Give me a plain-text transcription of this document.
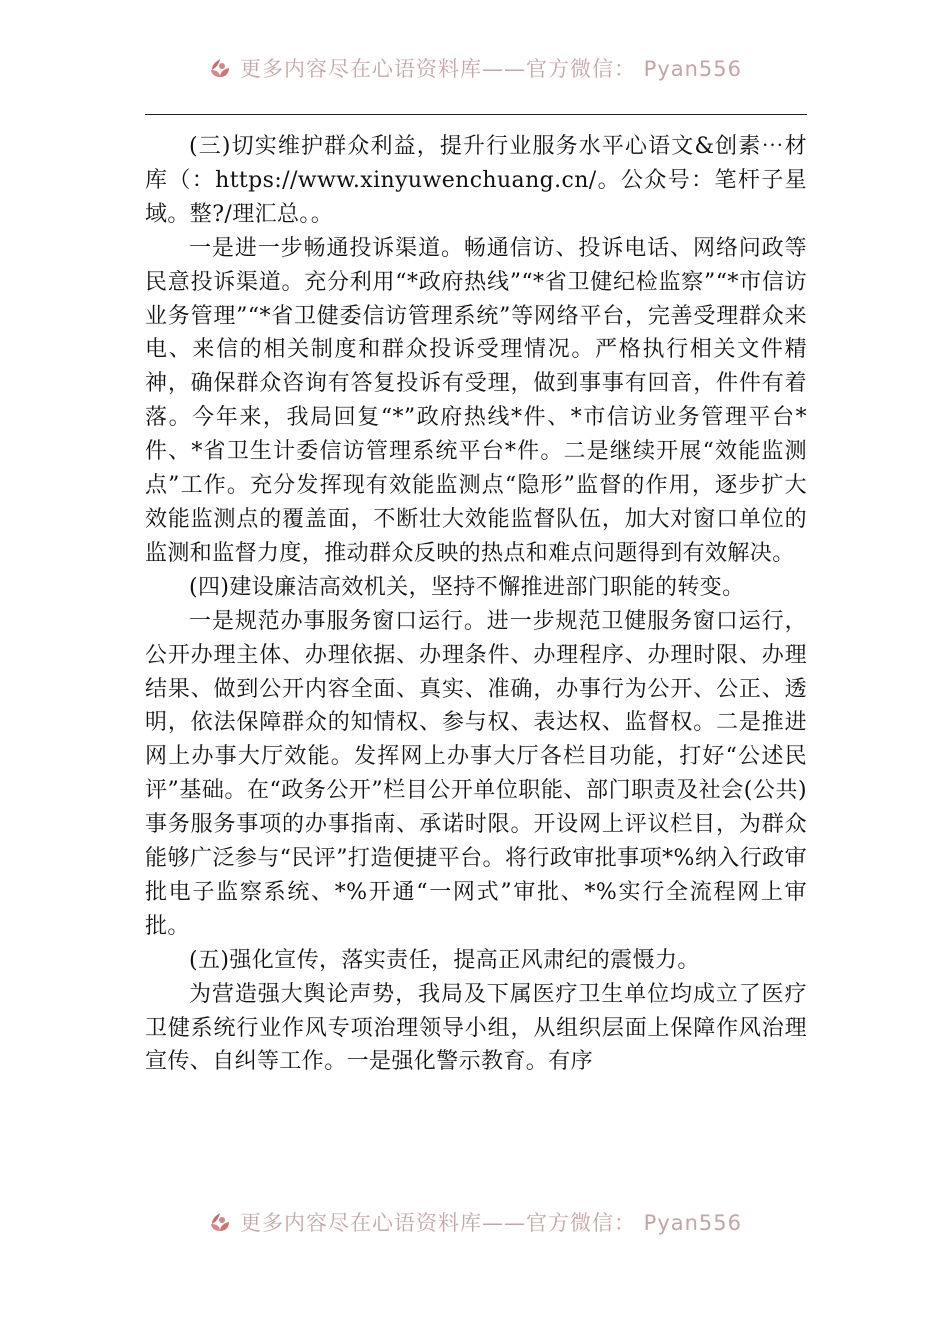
更多内容尽在心语资料库——官方微信： Pyan556

(三)切实维护群众利益，提升行业服务水平心语文&创素⋯材库（：https://www.xinyuwenchuang.cn/。公众号：笔杆子星域。整?/理汇总。。

一是进一步畅通投诉渠道。畅通信访、投诉电话、网络问政等民意投诉渠道。充分利用“*政府热线”“*省卫健纪检监察”“*市信访业务管理”“*省卫健委信访管理系统”等网络平台，完善受理群众来电、来信的相关制度和群众投诉受理情况。严格执行相关文件精神，确保群众咨询有答复投诉有受理，做到事事有回音，件件有着落。今年来，我局回复“*”政府热线*件、*市信访业务管理平台*件、*省卫生计委信访管理系统平台*件。二是继续开展“效能监测点”工作。充分发挥现有效能监测点“隐形”监督的作用，逐步扩大效能监测点的覆盖面，不断壮大效能监督队伍，加大对窗口单位的监测和监督力度，推动群众反映的热点和难点问题得到有效解决。

(四)建设廉洁高效机关，坚持不懈推进部门职能的转变。

一是规范办事服务窗口运行。进一步规范卫健服务窗口运行，公开办理主体、办理依据、办理条件、办理程序、办理时限、办理结果、做到公开内容全面、真实、准确，办事行为公开、公正、透明，依法保障群众的知情权、参与权、表达权、监督权。二是推进网上办事大厅效能。发挥网上办事大厅各栏目功能，打好“公述民评”基础。在“政务公开”栏目公开单位职能、部门职责及社会(公共)事务服务事项的办事指南、承诺时限。开设网上评议栏目，为群众能够广泛参与“民评”打造便捷平台。将行政审批事项*%纳入行政审批电子监察系统、*%开通“一网式”审批、*%实行全流程网上审批。

(五)强化宣传，落实责任，提高正风肃纪的震慑力。

为营造强大舆论声势，我局及下属医疗卫生单位均成立了医疗卫健系统行业作风专项治理领导小组，从组织层面上保障作风治理宣传、自纠等工作。一是强化警示教育。有序

更多内容尽在心语资料库——官方微信： Pyan556
